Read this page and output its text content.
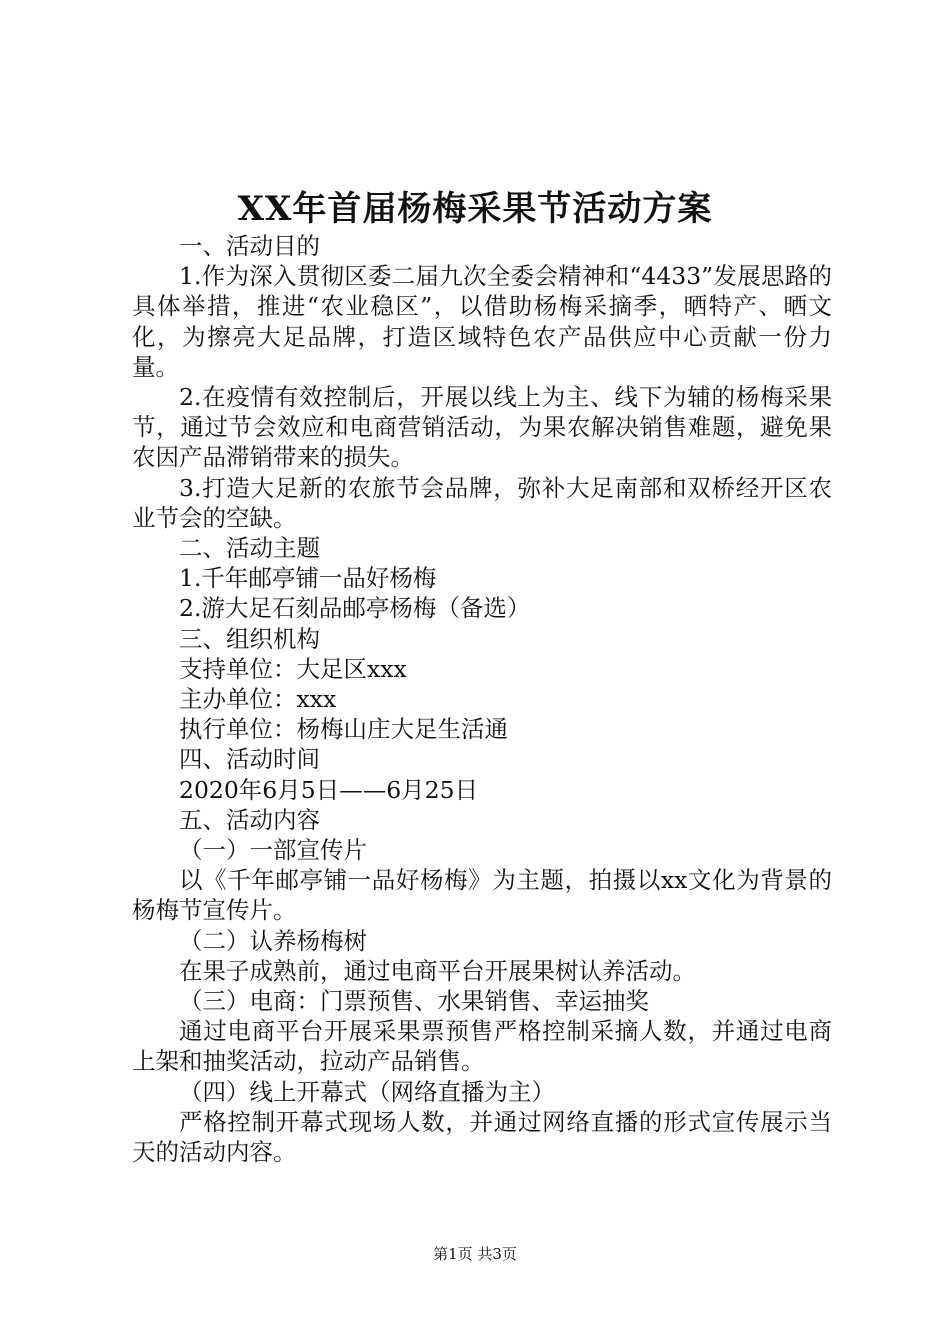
XX年首届杨梅采果节活动方案

一、活动目的

1.作为深入贯彻区委二届九次全委会精神和“4433”发展思路的具体举措，推进“农业稳区”，以借助杨梅采摘季，晒特产、晒文化，为擦亮大足品牌，打造区域特色农产品供应中心贡献一份力量。

2.在疫情有效控制后，开展以线上为主、线下为辅的杨梅采果节，通过节会效应和电商营销活动，为果农解决销售难题，避免果农因产品滞销带来的损失。

3.打造大足新的农旅节会品牌，弥补大足南部和双桥经开区农业节会的空缺。

二、活动主题

1.千年邮亭铺一品好杨梅

2.游大足石刻品邮亭杨梅（备选）

三、组织机构

支持单位：大足区xxx

主办单位：xxx

执行单位：杨梅山庄大足生活通

四、活动时间

2020年6月5日——6月25日

五、活动内容

（一）一部宣传片

以《千年邮亭铺一品好杨梅》为主题，拍摄以xx文化为背景的杨梅节宣传片。

（二）认养杨梅树

在果子成熟前，通过电商平台开展果树认养活动。

（三）电商：门票预售、水果销售、幸运抽奖

通过电商平台开展采果票预售严格控制采摘人数，并通过电商上架和抽奖活动，拉动产品销售。

（四）线上开幕式（网络直播为主）

严格控制开幕式现场人数，并通过网络直播的形式宣传展示当天的活动内容。

第1页 共3页
